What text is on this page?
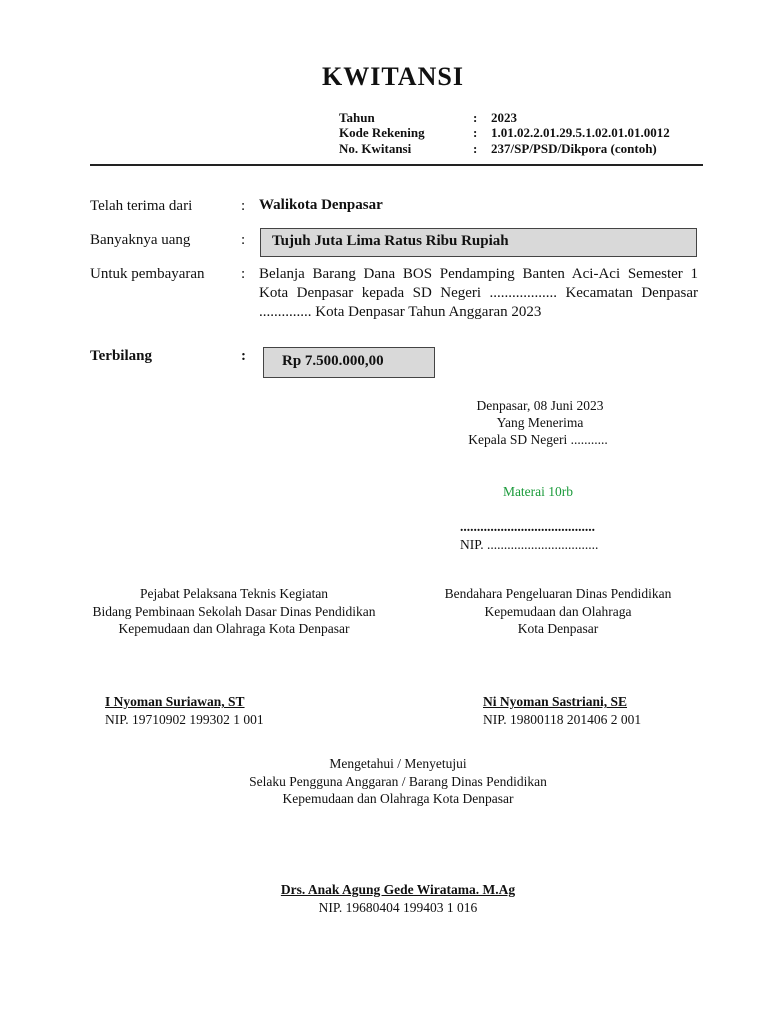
KWITANSI
Tahun	: 2023
Kode Rekening	: 1.01.02.2.01.29.5.1.02.01.01.0012
No. Kwitansi	: 237/SP/PSD/Dikpora (contoh)
Telah terima dari	: Walikota Denpasar
Banyaknya uang	:	Tujuh Juta Lima Ratus Ribu Rupiah
Untuk pembayaran : Belanja Barang Dana BOS Pendamping Banten Aci-Aci Semester 1 Kota Denpasar kepada SD Negeri .................. Kecamatan Denpasar .............. Kota Denpasar Tahun Anggaran 2023
Terbilang	:	Rp 7.500.000,00
Denpasar, 08 Juni 2023
Yang Menerima
Kepala SD Negeri ...........
Materai 10rb
........................................
NIP. .................................
Pejabat Pelaksana Teknis Kegiatan
Bidang Pembinaan Sekolah Dasar Dinas Pendidikan
Kepemudaan dan Olahraga Kota Denpasar
I Nyoman Suriawan, ST
NIP. 19710902 199302 1 001
Bendahara Pengeluaran Dinas Pendidikan
Kepemudaan dan Olahraga
Kota Denpasar
Ni Nyoman Sastriani, SE
NIP. 19800118 201406 2 001
Mengetahui / Menyetujui
Selaku Pengguna Anggaran / Barang Dinas Pendidikan
Kepemudaan dan Olahraga Kota Denpasar
Drs. Anak Agung Gede Wiratama. M.Ag
NIP. 19680404 199403 1 016
